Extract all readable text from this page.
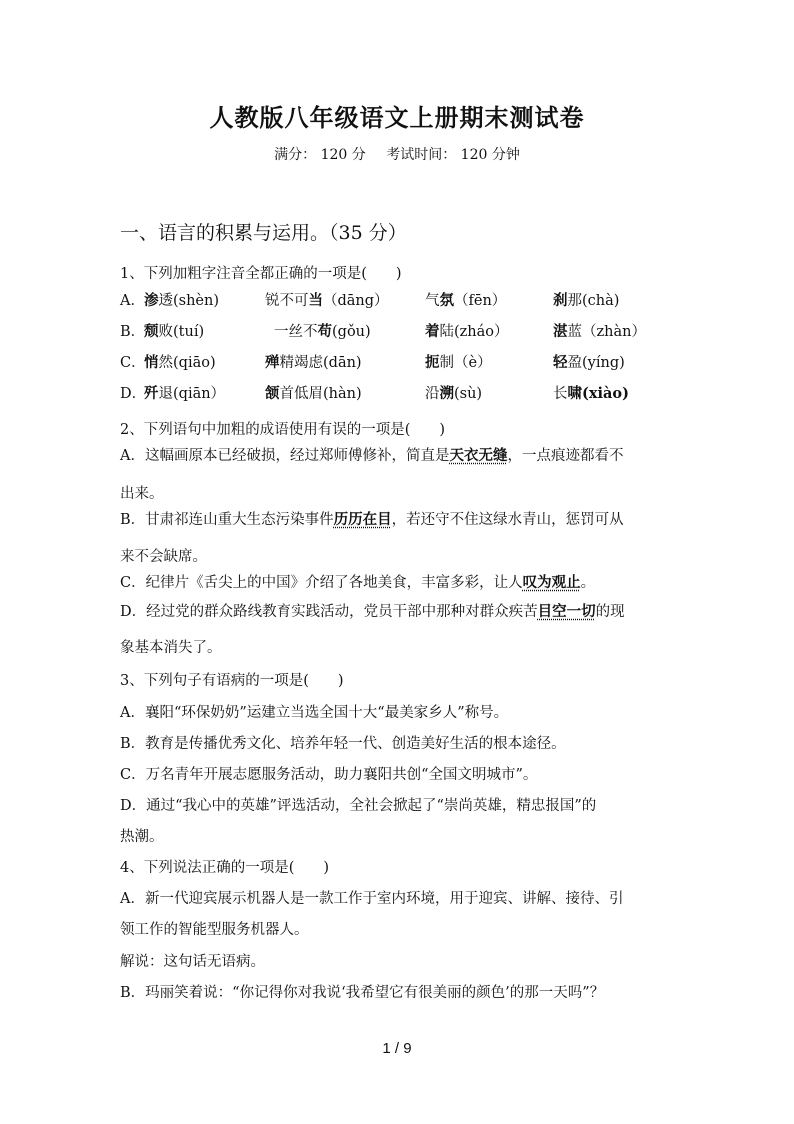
人教版八年级语文上册期末测试卷
满分： 120 分 考试时间： 120 分钟
一、语言的积累与运用。（35 分）
1、下列加粗字注音全都正确的一项是(　　)
A． 渗透(shèn)	锐不可当（dāng）	气氛（fēn）	刹那(chà)
B．
颓败(tuí)	一丝不苟(gǒu)	着陆(zháo）	湛蓝（zhàn）
C．
悄然(qiāo)	殚精竭虑(dān)	扼制（è）	轻盈(yíng)
D．
歼退(qiān）	颔首低眉(hàn)	沿溯(sù)	长啸(xiào)
2、下列语句中加粗的成语使用有误的一项是(　　)
A．这幅画原本已经破损，经过郑师傅修补，简直是天衣无缝，一点痕迹都看不
出来。
B．甘肃祁连山重大生态污染事件历历在目，若还守不住这绿水青山，惩罚可从
来不会缺席。
C．纪律片《舌尖上的中国》介绍了各地美食，丰富多彩，让人叹为观止。
D．经过党的群众路线教育实践活动，党员干部中那种对群众疾苦目空一切的现
象基本消失了。
3、下列句子有语病的一项是(　　)
A．襄阳“环保奶奶”运建立当选全国十大“最美家乡人”称号。
B．教育是传播优秀文化、培养年轻一代、创造美好生活的根本途径。
C．万名青年开展志愿服务活动，助力襄阳共创“全国文明城市”。
D．通过“我心中的英雄”评选活动，全社会掀起了“崇尚英雄，精忠报国”的
热潮。
4、下列说法正确的一项是(　　)
A．新一代迎宾展示机器人是一款工作于室内环境，用于迎宾、讲解、接待、引
领工作的智能型服务机器人。
解说：这句话无语病。
B．玛丽笑着说：“你记得你对我说‘我希望它有很美丽的颜色’的那一天吗”？
1 / 9
